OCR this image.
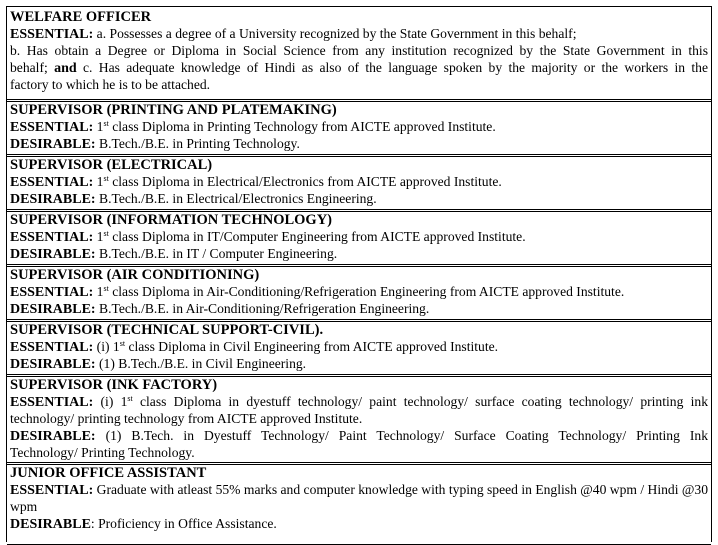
WELFARE OFFICER
ESSENTIAL: a. Possesses a degree of a University recognized by the State Government in this behalf;
b. Has obtain a Degree or Diploma in Social Science from any institution recognized by the State Government in this
behalf; and c. Has adequate knowledge of Hindi as also of the language spoken by the majority or the workers in the
factory to which he is to be attached.
SUPERVISOR (PRINTING AND PLATEMAKING)
ESSENTIAL: 1st class Diploma in Printing Technology from AICTE approved Institute.
DESIRABLE: B.Tech./B.E. in Printing Technology.
SUPERVISOR (ELECTRICAL)
ESSENTIAL: 1st class Diploma in Electrical/Electronics from AICTE approved Institute.
DESIRABLE: B.Tech./B.E. in Electrical/Electronics Engineering.
SUPERVISOR (INFORMATION TECHNOLOGY)
ESSENTIAL: 1st class Diploma in IT/Computer Engineering from AICTE approved Institute.
DESIRABLE: B.Tech./B.E. in IT / Computer Engineering.
SUPERVISOR (AIR CONDITIONING)
ESSENTIAL: 1st class Diploma in Air-Conditioning/Refrigeration Engineering from AICTE approved Institute.
DESIRABLE: B.Tech./B.E. in Air-Conditioning/Refrigeration Engineering.
SUPERVISOR (TECHNICAL SUPPORT-CIVIL).
ESSENTIAL: (i) 1st class Diploma in Civil Engineering from AICTE approved Institute.
DESIRABLE: (1) B.Tech./B.E. in Civil Engineering.
SUPERVISOR (INK FACTORY)
ESSENTIAL: (i) 1st class Diploma in dyestuff technology/ paint technology/ surface coating technology/ printing ink
technology/ printing technology from AICTE approved Institute.
DESIRABLE: (1) B.Tech. in Dyestuff Technology/ Paint Technology/ Surface Coating Technology/ Printing Ink
Technology/ Printing Technology.
JUNIOR OFFICE ASSISTANT
ESSENTIAL: Graduate with atleast 55% marks and computer knowledge with typing speed in English @40 wpm / Hindi @30
wpm
DESIRABLE: Proficiency in Office Assistance.
